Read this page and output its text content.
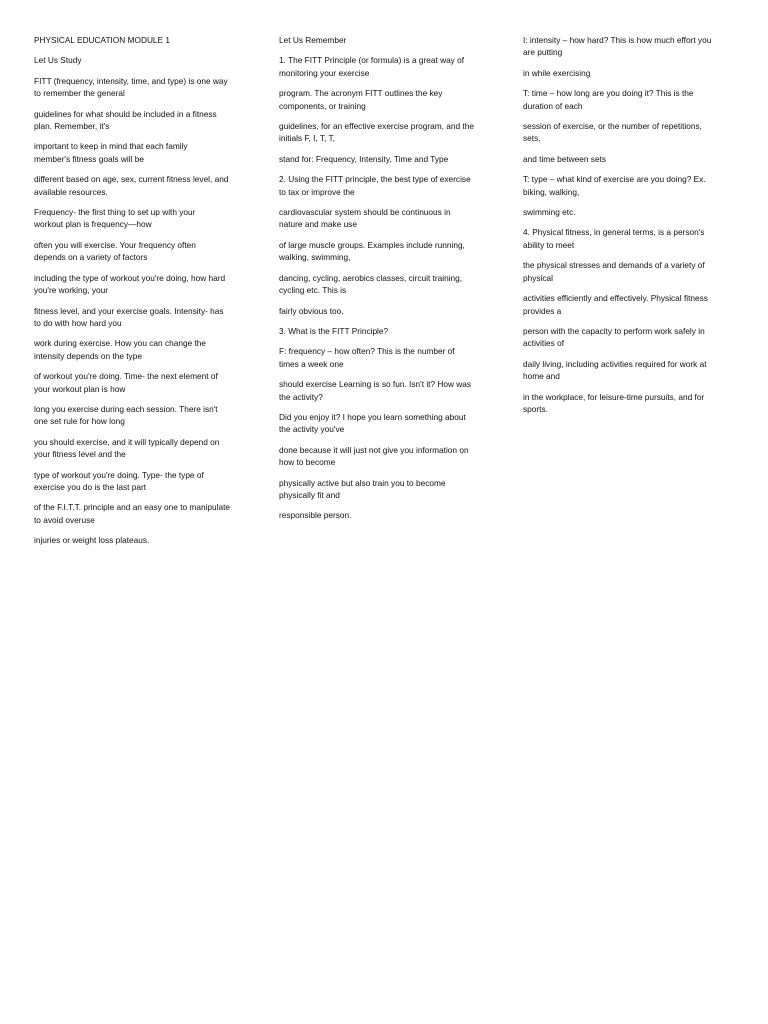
PHYSICAL EDUCATION MODULE 1

Let Us Study

FITT (frequency, intensity, time, and type) is one way
to remember the general

guidelines for what should be included in a fitness
plan. Remember, it's

important to keep in mind that each family
member's fitness goals will be

different based on age, sex, current fitness level, and
available resources.

Frequency- the first thing to set up with your
workout plan is frequency—how

often you will exercise. Your frequency often
depends on a variety of factors

including the type of workout you're doing, how hard
you're working, your

fitness level, and your exercise goals. Intensity- has
to do with how hard you

work during exercise. How you can change the
intensity depends on the type

of workout you're doing. Time- the next element of
your workout plan is how

long you exercise during each session. There isn't
one set rule for how long

you should exercise, and it will typically depend on
your fitness level and the

type of workout you're doing. Type- the type of
exercise you do is the last part

of the F.I.T.T. principle and an easy one to manipulate
to avoid overuse

injuries or weight loss plateaus.

Let Us Remember

1. The FITT Principle (or formula) is a great way of
monitoring your exercise

program. The acronym FITT outlines the key
components, or training

guidelines, for an effective exercise program, and the
initials F, I, T, T,

stand for: Frequency, Intensity, Time and Type

2. Using the FITT principle, the best type of exercise
to tax or improve the

cardiovascular system should be continuous in
nature and make use

of large muscle groups. Examples include running,
walking, swimming,

dancing, cycling, aerobics classes, circuit training,
cycling etc. This is

fairly obvious too.

3. What is the FITT Principle?

F: frequency – how often? This is the number of
times a week one

should exercise Learning is so fun. Isn't it? How was
the activity?

Did you enjoy it? I hope you learn something about
the activity you've

done because it will just not give you information on
how to become

physically active but also train you to become
physically fit and

responsible person.

I: intensity – how hard? This is how much effort you
are putting

in while exercising

T: time – how long are you doing it? This is the
duration of each

session of exercise, or the number of repetitions,
sets,

and time between sets

T: type – what kind of exercise are you doing? Ex.
biking, walking,

swimming etc.

4. Physical fitness, in general terms, is a person's
ability to meet

the physical stresses and demands of a variety of
physical

activities efficiently and effectively. Physical fitness
provides a

person with the capacity to perform work safely in
activities of

daily living, including activities required for work at
home and

in the workplace, for leisure-time pursuits, and for
sports.
